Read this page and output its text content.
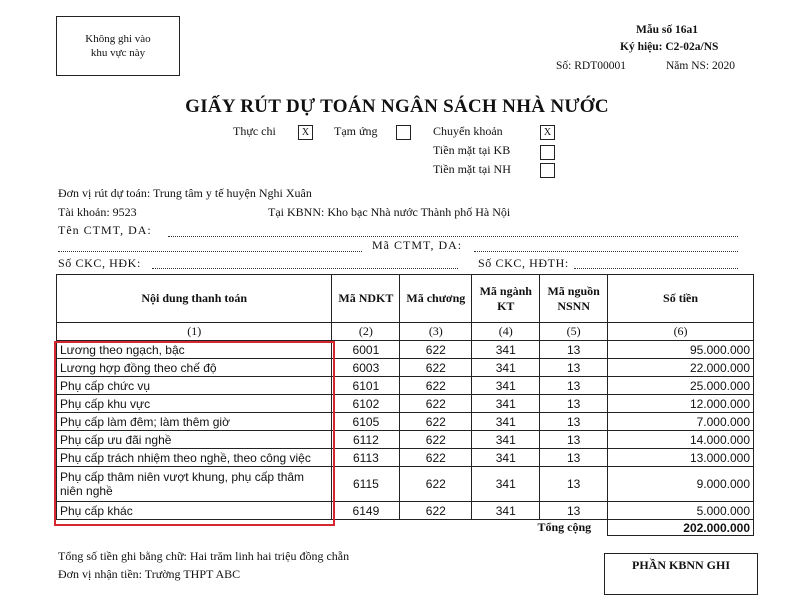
Không ghi vào
khu vực này
Mẫu số 16a1
Ký hiệu: C2-02a/NS
Số: RDT00001	Năm NS: 2020
GIẤY RÚT DỰ TOÁN NGÂN SÁCH NHÀ NƯỚC
Thực chi	X	Tạm ứng	Chuyển khoản	X
Tiền mặt tại KB
Tiền mặt tại NH
Đơn vị rút dự toán: Trung tâm y tế huyện Nghi Xuân
Tài khoản: 9523	Tại KBNN: Kho bạc Nhà nước Thành phố Hà Nội
Tên CTMT, DA:
Mã CTMT, DA:
Số CKC, HĐK:	Số CKC, HĐTH:
Nội dung thanh toán	Mã NDKT	Mã chương	Mã ngành KT	Mã nguồn NSNN	Số tiền
(1)	(2)	(3)	(4)	(5)	(6)
Lương theo ngạch, bậc	6001	622	341	13	95.000.000
Lương hợp đồng theo chế độ	6003	622	341	13	22.000.000
Phụ cấp chức vụ	6101	622	341	13	25.000.000
Phụ cấp khu vực	6102	622	341	13	12.000.000
Phụ cấp làm đêm; làm thêm giờ	6105	622	341	13	7.000.000
Phụ cấp ưu đãi nghề	6112	622	341	13	14.000.000
Phụ cấp trách nhiệm theo nghề, theo công việc	6113	622	341	13	13.000.000
Phụ cấp thâm niên vượt khung, phụ cấp thâm niên nghề	6115	622	341	13	9.000.000
Phụ cấp khác	6149	622	341	13	5.000.000
Tổng cộng					202.000.000
Tổng số tiền ghi bằng chữ: Hai trăm linh hai triệu đồng chẵn
Đơn vị nhận tiền: Trường THPT ABC
PHẦN KBNN GHI
